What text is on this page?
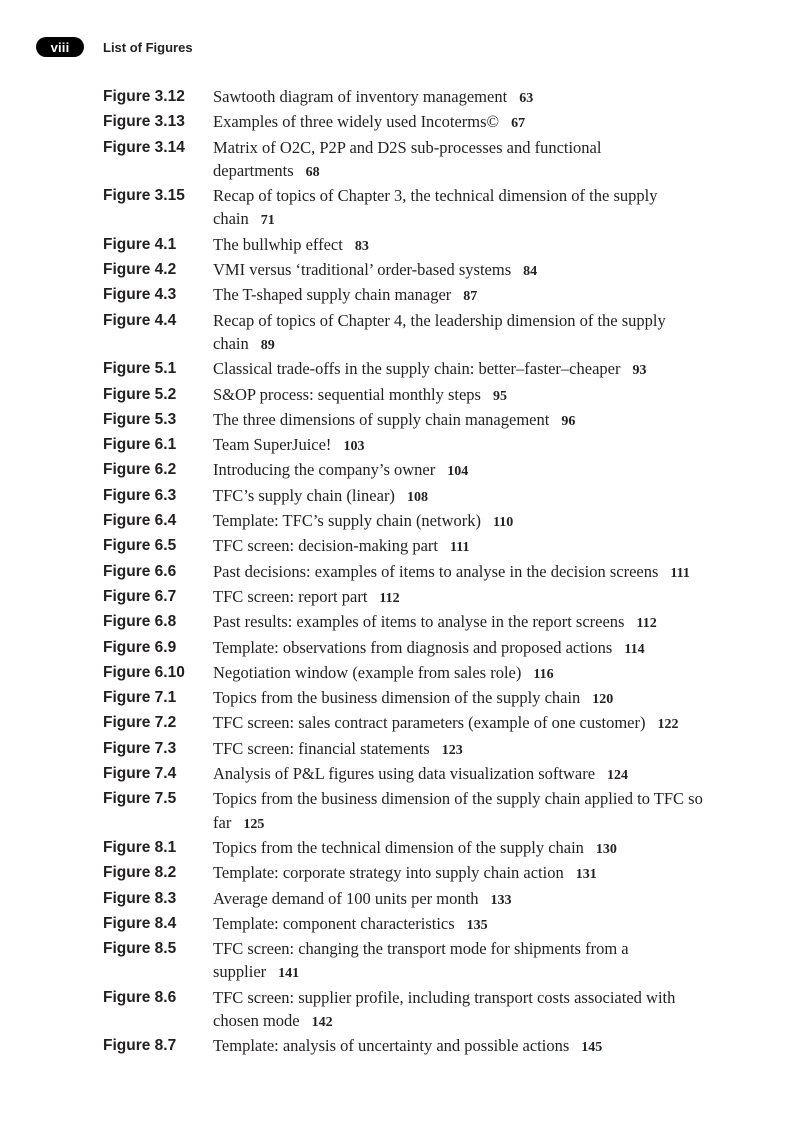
viii	List of Figures
Figure 3.12	Sawtooth diagram of inventory management 63
Figure 3.13	Examples of three widely used Incoterms© 67
Figure 3.14	Matrix of O2C, P2P and D2S sub-processes and functional departments 68
Figure 3.15	Recap of topics of Chapter 3, the technical dimension of the supply chain 71
Figure 4.1	The bullwhip effect 83
Figure 4.2	VMI versus ‘traditional’ order-based systems 84
Figure 4.3	The T-shaped supply chain manager 87
Figure 4.4	Recap of topics of Chapter 4, the leadership dimension of the supply chain 89
Figure 5.1	Classical trade-offs in the supply chain: better–faster–cheaper 93
Figure 5.2	S&OP process: sequential monthly steps 95
Figure 5.3	The three dimensions of supply chain management 96
Figure 6.1	Team SuperJuice! 103
Figure 6.2	Introducing the company’s owner 104
Figure 6.3	TFC’s supply chain (linear) 108
Figure 6.4	Template: TFC’s supply chain (network) 110
Figure 6.5	TFC screen: decision-making part 111
Figure 6.6	Past decisions: examples of items to analyse in the decision screens 111
Figure 6.7	TFC screen: report part 112
Figure 6.8	Past results: examples of items to analyse in the report screens 112
Figure 6.9	Template: observations from diagnosis and proposed actions 114
Figure 6.10	Negotiation window (example from sales role) 116
Figure 7.1	Topics from the business dimension of the supply chain 120
Figure 7.2	TFC screen: sales contract parameters (example of one customer) 122
Figure 7.3	TFC screen: financial statements 123
Figure 7.4	Analysis of P&L figures using data visualization software 124
Figure 7.5	Topics from the business dimension of the supply chain applied to TFC so far 125
Figure 8.1	Topics from the technical dimension of the supply chain 130
Figure 8.2	Template: corporate strategy into supply chain action 131
Figure 8.3	Average demand of 100 units per month 133
Figure 8.4	Template: component characteristics 135
Figure 8.5	TFC screen: changing the transport mode for shipments from a supplier 141
Figure 8.6	TFC screen: supplier profile, including transport costs associated with chosen mode 142
Figure 8.7	Template: analysis of uncertainty and possible actions 145
